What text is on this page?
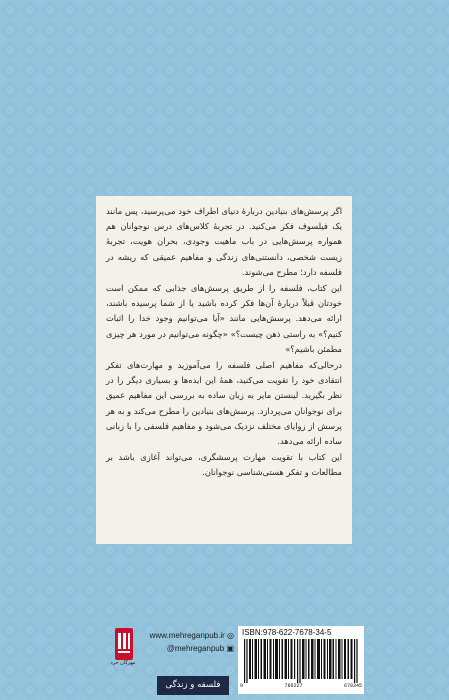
اگر پرسش‌های بنیادین دربارهٔ دنیای اطراف خود می‌پرسید، پس مانند یک فیلسوف فکر می‌کنید. در تجربهٔ کلاس‌های درس نوجوانان هم همواره پرسش‌هایی در باب ماهیت وجودی، بحران هویت، تجربهٔ زیست شخصی، دانستنی‌های زندگی و مفاهیم عمیقی که ریشه در فلسفه دارد؛ مطرح می‌شوند.

این کتاب، فلسفه را از طریق پرسش‌های جذابی که ممکن است خودتان قبلاً دربارهٔ آن‌ها فکر کرده باشید یا از شما پرسیده باشند، ارائه می‌دهد. پرسش‌هایی مانند «آیا می‌توانیم وجود خدا را اثبات کنیم؟» به راستی ذهن چیست؟» «چگونه می‌توانیم در مورد هر چیزی مطمئن باشیم؟»

درحالی‌که مفاهیم اصلی فلسفه را می‌آموزید و مهارت‌های تفکر انتقادی خود را تقویت می‌کنید، همهٔ این ایده‌ها و بسیاری دیگر را در نظر بگیرید. لینستن مایر به زبان ساده به بررسی این مفاهیم عمیق برای نوجوانان می‌پردازد. پرسش‌های بنیادین را مطرح می‌کند و به هر پرسش از زوایای مختلف نزدیک می‌شود و مفاهیم فلسفی را با زبانی ساده ارائه می‌دهد.

این کتاب با تقویت مهارت پرسشگری، می‌تواند آغازی باشد بر مطالعات و تفکر هستی‌شناسی نوجوانان.

مهرگان خرد
www.mehreganpub.ir ◎
@mehreganpub ▣
فلسفه و زندگی
ISBN:978-622-7678-34-5
9	786227	678345
